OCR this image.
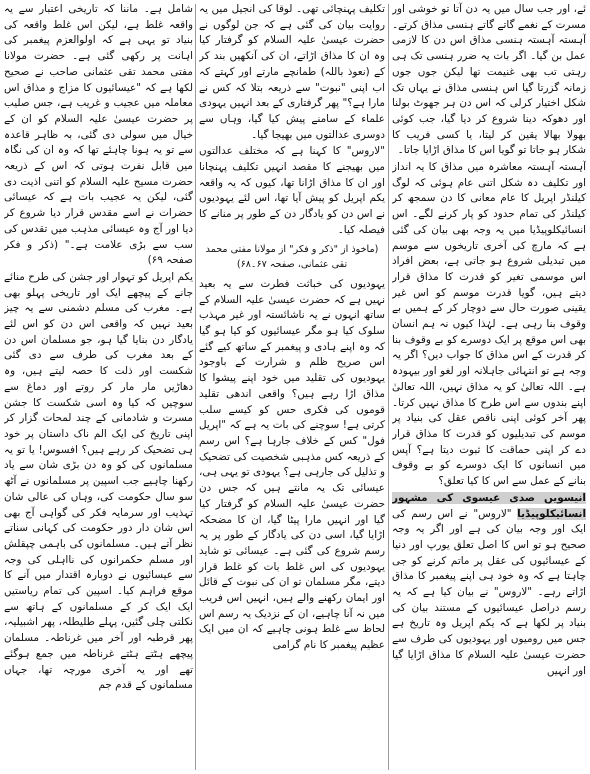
ئے، اور جب سال میں یہ دن آتا تو خوشی اور مسرت کے نغمے گاتے گاتے ہنسی مذاق کرتے۔ آہستہ آہستہ ہنسی مذاق اس دن کا لازمی عمل بن گیا۔ اگر بات یہ ضرر ہنسی تک ہی رہتی تب بھی غنیمت تھا لیکن جوں جوں زمانہ گزرتا گیا اس ہنسی مذاق نے یہاں تک شکل اختیار کرلی کہ اس دن ہر جھوٹ بولنا اور دھوکہ دینا شروع کر دیا گیا، جب کوئی بھولا بھالا یقین کر لیتا، یا کسی فریب کا شکار ہو جاتا تو گویا اس کا مذاق اڑایا جاتا۔

آہستہ آہستہ معاشرہ میں مذاق کا یہ انداز اور تکلیف دہ شکل اتنی عام ہوئی کہ لوگ کیلنڈر اپریل کا عام معانی کا دن سمجھ کر کیلنڈر کی تمام حدود کو پار کرنے لگے۔ اس انسائیکلوپیڈیا میں یہ وجہ بھی بیان کی گئی ہے کہ مارچ کی آخری تاریخوں سے موسم میں تبدیلی شروع ہو جاتی ہے، بعض افراد اس موسمی تغیر کو قدرت کا مذاق قرار دیتے ہیں، گویا قدرت موسم کو اس غیر یقینی صورت حال سے دوچار کر کے ہمیں بے وقوف بنا رہی ہے۔ لہٰذا کیوں نہ ہم انسان بھی اس موقع پر ایک دوسرے کو بے وقوف بنا کر قدرت کے اس مذاق کا جواب دیں؟ اگر یہ وجہ ہے تو انتہائی جاہلانہ اور لغو اور بیہودہ ہے۔ اللہ تعالیٰ کو یہ مذاق نہیں، اللہ تعالیٰ اپنے بندوں سے اس طرح کا مذاق نہیں کرتا۔ پھر آخر کوئی اپنی ناقص عقل کی بنیاد پر موسم کی تبدیلیوں کو قدرت کا مذاق قرار دے کر اپنی حماقت کا ثبوت دیتا ہے؟ آپس میں انسانوں کا ایک دوسرے کو بے وقوف بنانے کے عمل سے اس کا کیا تعلق؟

انیسویں صدی عیسوی کی مشہور انسائیکلوپیڈیا "لاروس" نے اس رسم کی ایک اور وجہ بیان کی ہے اور اگر یہ وجہ صحیح ہو تو اس کا اصل تعلق یورپ اور دنیا کے عیسائیوں کی عقل پر ماتم کرنے کو جی چاہتا ہے کہ وہ خود ہی اپنے پیغمبر کا مذاق اڑاتے رہے۔ "لاروس" نے بیان کیا ہے کہ یہ رسم دراصل عیسائیوں کے مستند بیان کی بنیاد پر لکھا ہے کہ یکم اپریل وہ تاریخ ہے جس میں رومیوں اور یہودیوں کی طرف سے حضرت عیسیٰ علیہ السلام کا مذاق اڑایا گیا اور انہیں

تکلیف پہنچائی تھی۔ لوقا کی انجیل میں یہ روایت بیان کی گئی ہے کہ جن لوگوں نے حضرت عیسیٰ علیہ السلام کو گرفتار کیا وہ ان کا مذاق اڑاتے، ان کی آنکھیں بند کر کے (نعوذ باللہ) طمانچے مارتے اور کہتے کہ اب اپنی "نبوت" سے ذریعہ بتلا کہ کس نے مارا ہے؟" پھر گرفتاری کے بعد انہیں یہودی علماء کے سامنے پیش کیا گیا، وہاں سے دوسری عدالتوں میں بھیجا گیا۔

"لاروس" کا کہنا ہے کہ مختلف عدالتوں میں بھیجنے کا مقصد انہیں تکلیف پہنچانا اور ان کا مذاق اڑانا تھا، کیوں کہ یہ واقعہ یکم اپریل کو پیش آیا تھا، اس لئے یہودیوں نے اس دن کو یادگار دن کے طور پر منانے کا فیصلہ کیا۔

(ماخوذ از "ذکر و فکر" از مولانا مفتی محمد تقی عثمانی، صفحہ ۶۷۔۶۸)

یہودیوں کی خباثت فطرت سے یہ بعید نہیں ہے کہ حضرت عیسیٰ علیہ السلام کے ساتھ انہوں نے یہ ناشائستہ اور غیر مہذب سلوک کیا ہو مگر عیسائیوں کو کیا ہو گیا کہ وہ اپنے ہادی و پیغمبر کے ساتھ کیے گئے اس صریح ظلم و شرارت کے باوجود یہودیوں کی تقلید میں خود اپنے پیشوا کا مذاق اڑا رہے ہیں؟ واقعی اندھی تقلید قوموں کی فکری حس کو کیسے سلب کرتی ہے! سوچنے کی بات یہ ہے کہ "اپریل فول" کس کے خلاف جارہا ہے؟ اس رسم کے ذریعہ کس مذہبی شخصیت کی تضحیک و تذلیل کی جارہی ہے؟ یہودی تو یہی ہی، عیسائی تک یہ مانتے ہیں کہ جس دن حضرت عیسیٰ علیہ السلام کو گرفتار کیا گیا اور انہیں مارا پیٹا گیا، ان کا مضحکہ اڑایا گیا، اسی دن کی یادگار کے طور پر یہ رسم شروع کی گئی ہے۔ عیسائی تو شاید یہودیوں کی اس غلط بات کو غلط قرار دیتے، مگر مسلمان تو ان کی نبوت کے قائل اور ایمان رکھنے والے ہیں، انہیں اس فریب میں نہ آنا چاہیے، ان کے نزدیک یہ رسم اس لحاظ سے غلط ہونی چاہیے کہ ان میں ایک عظیم پیغمبر کا نام گرامی

شامل ہے۔ ماننا کہ تاریخی اعتبار سے یہ واقعہ غلط ہے، لیکن اس غلط واقعہ کی بنیاد تو یہی ہے کہ اولوالعزم پیغمبر کی اہانت پر رکھی گئی ہے۔ حضرت مولانا مفتی محمد تقی عثمانی صاحب نے صحیح لکھا ہے کہ "عیسائیوں کا مزاج و مذاق اس معاملہ میں عجیب و غریب ہے، جس صلیب پر حضرت عیسیٰ علیہ السلام کو ان کے خیال میں سولی دی گئی، بہ ظاہر قاعدہ سے تو یہ ہونا چاہئے تھا کہ وہ ان کی نگاہ میں قابل نفرت ہوتی کہ اس کے ذریعہ حضرت مسیح علیہ السلام کو اتنی اذیت دی گئی، لیکن یہ عجیب بات ہے کہ عیسائی حضرات نے اسے مقدس قرار دیا شروع کر دیا اور آج وہ عیسائی مذہب میں تقدس کی سب سے بڑی علامت ہے۔" (ذکر و فکر صفحہ ۶۹)

یکم اپریل کو تہوار اور جشن کی طرح منائے جانے کے پیچھے ایک اور تاریخی پہلو بھی ہے۔ مغرب کی مسلم دشمنی سے یہ چیز بعید نہیں کہ واقعی اس دن کو اس لئے یادگار دن بنایا گیا ہو، جو مسلمان اس دن کے بعد مغرب کی طرف سے دی گئی شکست اور ذلت کا حصہ لیتے ہیں، وہ دھاڑیں مار مار کر روتے اور دماغ سے سوچیں کہ کیا وہ اسی شکست کا جشن مسرت و شادمانی کے چند لمحات گزار کر اپنی تاریخ کی ایک الم ناک داستان پر خود ہی تضحیک کر رہے ہیں؟ افسوس! یا تو یہ مسلمانوں کی کو وہ دن بڑی شان سے یاد رکھنا چاہیے جب اسپین پر مسلمانوں نے آٹھ سو سال حکومت کی، وہاں کی عالی شان تہذیب اور سرمایہ فکر کی گواہی آج بھی اس شان دار دور حکومت کی کہانی سناتے نظر آتے ہیں۔ مسلمانوں کی باہمی چپقلش اور مسلم حکمرانوں کی نااہلی کی وجہ سے عیسائیوں نے دوبارہ اقتدار میں آنے کا موقع فراہم کیا۔ اسپین کی تمام ریاستیں ایک ایک کر کے مسلمانوں کے ہاتھ سے نکلتی چلی گئیں، پہلے طلیطلہ، پھر اشبیلیہ، پھر قرطبہ اور آخر میں غرناطہ۔ مسلمان پیچھے ہٹتے ہٹتے غرناطہ میں جمع ہوگئے تھے اور یہ آخری مورچہ تھا، جہاں مسلمانوں کے قدم جم
